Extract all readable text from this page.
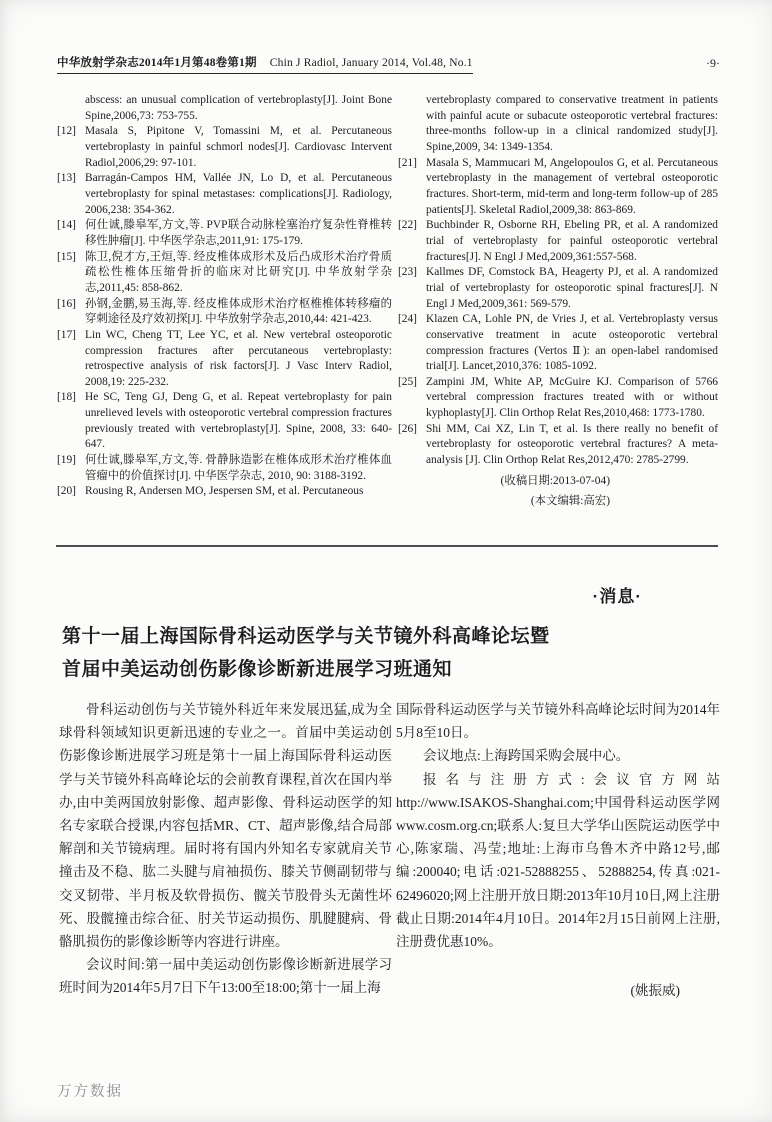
中华放射学杂志2014年1月第48卷第1期 Chin J Radiol, January 2014, Vol.48, No.1	·9·
abscess: an unusual complication of vertebroplasty[J]. Joint Bone Spine,2006,73: 753-755.
[12] Masala S, Pipitone V, Tomassini M, et al. Percutaneous vertebroplasty in painful schmorl nodes[J]. Cardiovasc Intervent Radiol,2006,29: 97-101.
[13] Barragán-Campos HM, Vallée JN, Lo D, et al. Percutaneous vertebroplasty for spinal metastases: complications[J]. Radiology, 2006,238: 354-362.
[14] 何仕诚,滕皋军,方文,等. PVP联合动脉栓塞治疗复杂性脊椎转移性肿瘤[J]. 中华医学杂志,2011,91: 175-179.
[15] 陈卫,倪才方,王烜,等. 经皮椎体成形术及后凸成形术治疗骨质疏松性椎体压缩骨折的临床对比研究[J]. 中华放射学杂志,2011,45: 858-862.
[16] 孙钢,金鹏,易玉海,等. 经皮椎体成形术治疗枢椎椎体转移瘤的穿刺途径及疗效初探[J]. 中华放射学杂志,2010,44: 421-423.
[17] Lin WC, Cheng TT, Lee YC, et al. New vertebral osteoporotic compression fractures after percutaneous vertebroplasty: retrospective analysis of risk factors[J]. J Vasc Interv Radiol, 2008,19: 225-232.
[18] He SC, Teng GJ, Deng G, et al. Repeat vertebroplasty for pain unrelieved levels with osteoporotic vertebral compression fractures previously treated with vertebroplasty[J]. Spine, 2008, 33: 640-647.
[19] 何仕诚,滕皋军,方文,等. 骨静脉造影在椎体成形术治疗椎体血管瘤中的价值探讨[J]. 中华医学杂志, 2010, 90: 3188-3192.
[20] Rousing R, Andersen MO, Jespersen SM, et al. Percutaneous
vertebroplasty compared to conservative treatment in patients with painful acute or subacute osteoporotic vertebral fractures: three-months follow-up in a clinical randomized study[J]. Spine,2009, 34: 1349-1354.
[21] Masala S, Mammucari M, Angelopoulos G, et al. Percutaneous vertebroplasty in the management of vertebral osteoporotic fractures. Short-term, mid-term and long-term follow-up of 285 patients[J]. Skeletal Radiol,2009,38: 863-869.
[22] Buchbinder R, Osborne RH, Ebeling PR, et al. A randomized trial of vertebroplasty for painful osteoporotic vertebral fractures[J]. N Engl J Med,2009,361:557-568.
[23] Kallmes DF, Comstock BA, Heagerty PJ, et al. A randomized trial of vertebroplasty for osteoporotic spinal fractures[J]. N Engl J Med,2009,361: 569-579.
[24] Klazen CA, Lohle PN, de Vries J, et al. Vertebroplasty versus conservative treatment in acute osteoporotic vertebral compression fractures (Vertos Ⅱ): an open-label randomised trial[J]. Lancet,2010,376: 1085-1092.
[25] Zampini JM, White AP, McGuire KJ. Comparison of 5766 vertebral compression fractures treated with or without kyphoplasty[J]. Clin Orthop Relat Res,2010,468: 1773-1780.
[26] Shi MM, Cai XZ, Lin T, et al. Is there really no benefit of vertebroplasty for osteoporotic vertebral fractures? A meta-analysis [J]. Clin Orthop Relat Res,2012,470: 2785-2799.
(收稿日期:2013-07-04)
(本文编辑:高宏)
·消息·
第十一届上海国际骨科运动医学与关节镜外科高峰论坛暨
首届中美运动创伤影像诊断新进展学习班通知

骨科运动创伤与关节镜外科近年来发展迅猛,成为全球骨科领域知识更新迅速的专业之一。首届中美运动创伤影像诊断进展学习班是第十一届上海国际骨科运动医学与关节镜外科高峰论坛的会前教育课程,首次在国内举办,由中美两国放射影像、超声影像、骨科运动医学的知名专家联合授课,内容包括MR、CT、超声影像,结合局部解剖和关节镜病理。届时将有国内外知名专家就肩关节撞击及不稳、肱二头腱与肩袖损伤、膝关节侧副韧带与交叉韧带、半月板及软骨损伤、髋关节股骨头无菌性坏死、股髋撞击综合征、肘关节运动损伤、肌腱腱病、骨骼肌损伤的影像诊断等内容进行讲座。

会议时间:第一届中美运动创伤影像诊断新进展学习班时间为2014年5月7日下午13:00至18:00;第十一届上海

国际骨科运动医学与关节镜外科高峰论坛时间为2014年5月8至10日。

会议地点:上海跨国采购会展中心。

报名与注册方式:会议官方网站 http://www.ISAKOS-Shanghai.com;中国骨科运动医学网 www.cosm.org.cn;联系人:复旦大学华山医院运动医学中心,陈家瑞、冯莹;地址:上海市乌鲁木齐中路12号,邮编:200040;电话:021-52888255、52888254,传真:021-62496020;网上注册开放日期:2013年10月10日,网上注册截止日期:2014年4月10日。2014年2月15日前网上注册,注册费优惠10%。

(姚振威)

万方数据
